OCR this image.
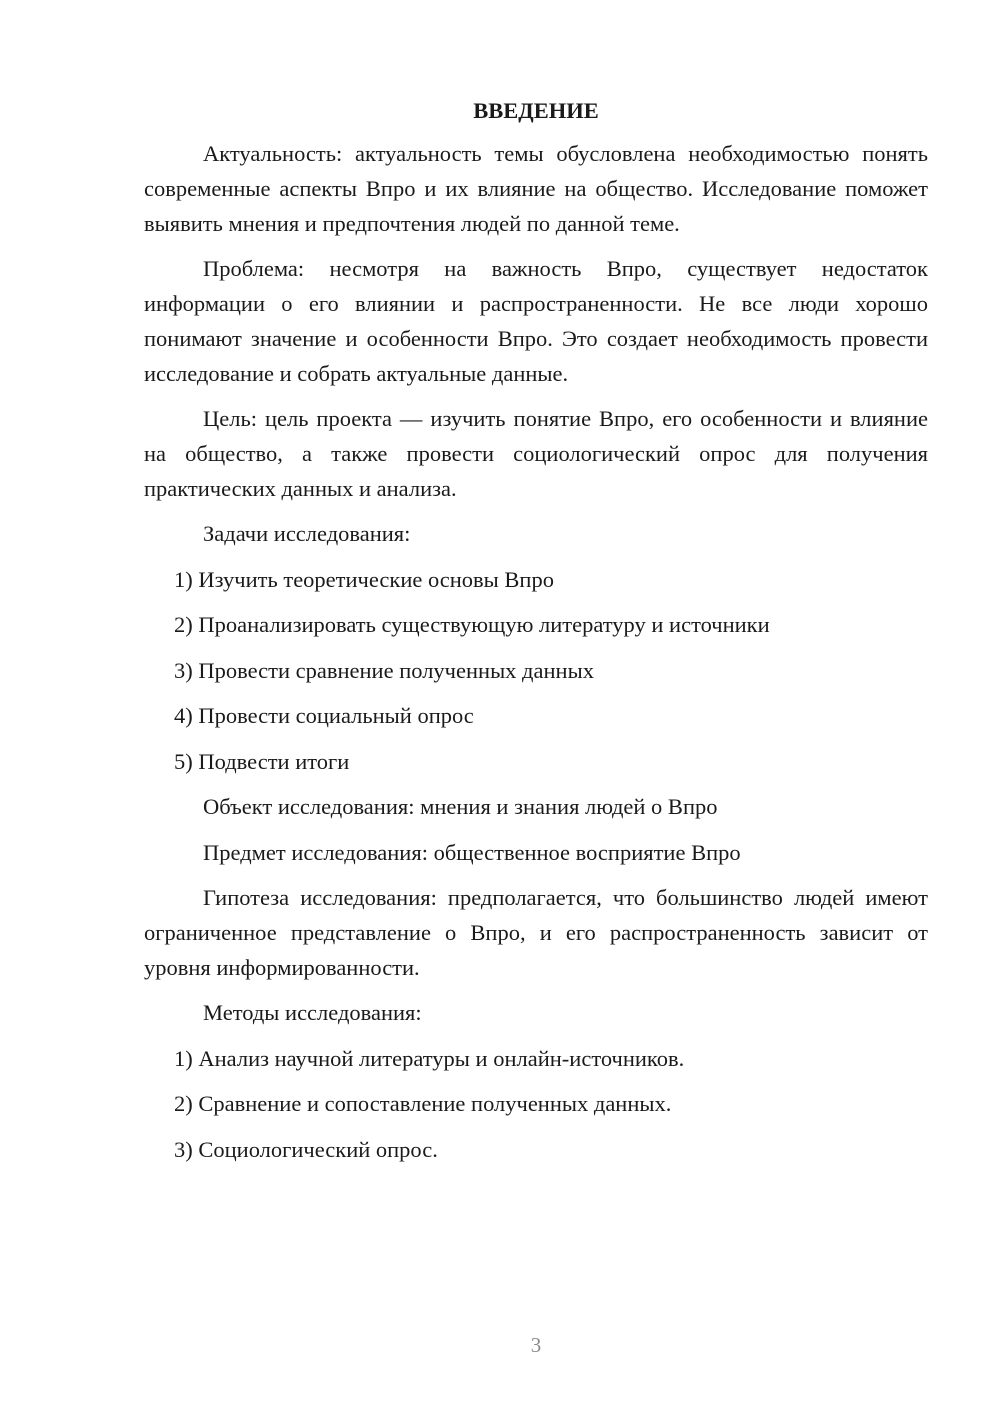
ВВЕДЕНИЕ

Актуальность: актуальность темы обусловлена необходимостью понять современные аспекты Впро и их влияние на общество. Исследование поможет выявить мнения и предпочтения людей по данной теме.

Проблема: несмотря на важность Впро, существует недостаток информации о его влиянии и распространенности. Не все люди хорошо понимают значение и особенности Впро. Это создает необходимость провести исследование и собрать актуальные данные.

Цель: цель проекта — изучить понятие Впро, его особенности и влияние на общество, а также провести социологический опрос для получения практических данных и анализа.

Задачи исследования:
1) Изучить теоретические основы Впро
2) Проанализировать существующую литературу и источники
3) Провести сравнение полученных данных
4) Провести социальный опрос
5) Подвести итоги
Объект исследования: мнения и знания людей о Впро
Предмет исследования: общественное восприятие Впро

Гипотеза исследования: предполагается, что большинство людей имеют ограниченное представление о Впро, и его распространенность зависит от уровня информированности.

Методы исследования:
1) Анализ научной литературы и онлайн-источников.
2) Сравнение и сопоставление полученных данных.
3) Социологический опрос.
3
